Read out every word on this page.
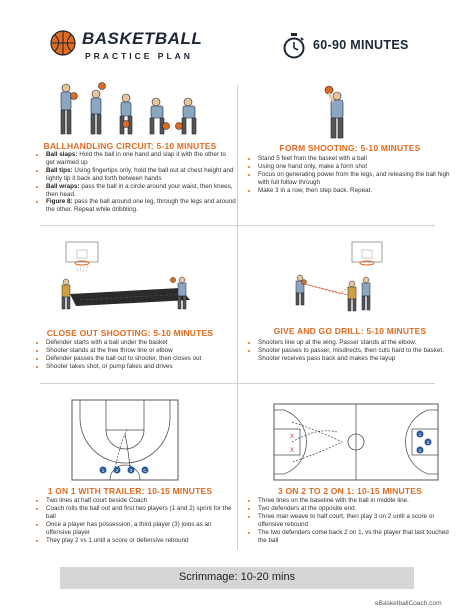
BASKETBALL
PRACTICE PLAN
60-90 MINUTES
BALLHANDLING CIRCUIT: 5-10 MINUTES
• Ball slaps: Hold the ball in one hand and slap it with the other to get warmed up
• Ball tips: Using fingertips only, hold the ball out at chest height and lightly tip it back and forth between hands
• Ball wraps: pass the ball in a circle around your waist, then knees, then head.
• Figure 8: pass the ball around one leg, through the legs and around the other. Repeat while dribbling.
FORM SHOOTING: 5-10 MINUTES
• Stand 5 feet from the basket with a ball
• Using one hand only, make a form shot
• Focus on generating power from the legs, and releasing the ball high with full follow through
• Make 3 in a row, then step back. Repeat.
CLOSE OUT SHOOTING: 5-10 MINUTES
• Defender starts with a ball under the basket
• Shooter stands at the free throw line or elbow
• Defender passes the ball out to shooter, then closes out
• Shooter takes shot, or pump fakes and drives
GIVE AND GO DRILL: 5-10 MINUTES
• Shooters line up at the wing. Passer stands at the elbow.
• Shooter passes to passer, misdirects, then cuts hard to the basket. Shooter receives pass back and makes the layup
1	2	3 C
1 ON 1 WITH TRAILER: 10-15 MINUTES
• Two lines at half court beside Coach
• Coach rolls the ball out and first two players (1 and 2) sprint for the ball
• Once a player has possession, a third player (3) joins as an offensive player
• They play 2 vs 1 until a score or defensive rebound
1
2
3
X
X
3 ON 2 TO 2 ON 1: 10-15 MINUTES
• Three lines on the baseline with the ball in middle line.
• Two defenders at the opposite end.
• Three man weave to half court, then play 3 on 2 until a score or offensive rebound
• The two defenders come back 2 on 1, vs the player that last touched the ball
Scrimmage: 10-20 mins
eBasketballCoach.com
